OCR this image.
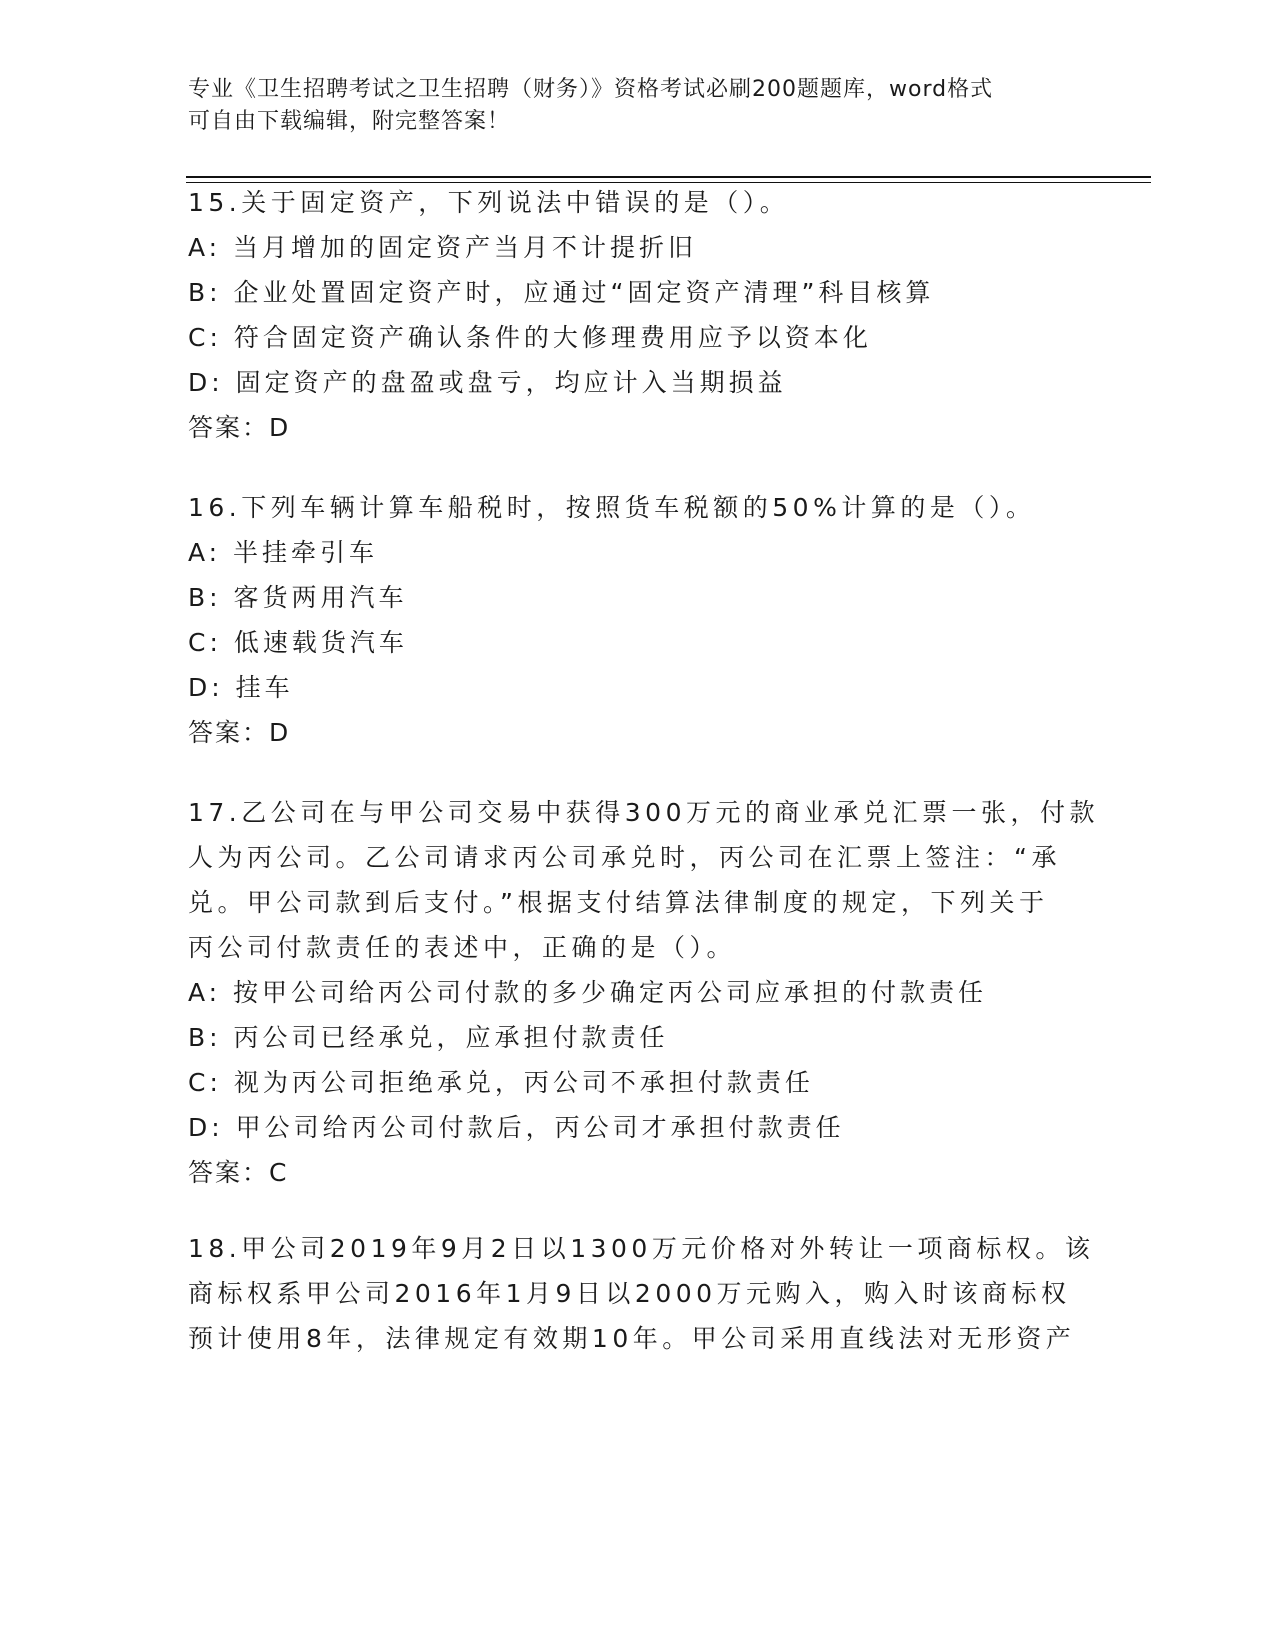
专业《卫生招聘考试之卫生招聘（财务）》资格考试必刷200题题库，word格式
可自由下载编辑，附完整答案！
15.关于固定资产，下列说法中错误的是（）。
A: 当月增加的固定资产当月不计提折旧
B: 企业处置固定资产时，应通过“固定资产清理”科目核算
C: 符合固定资产确认条件的大修理费用应予以资本化
D: 固定资产的盘盈或盘亏，均应计入当期损益
答案：D
16.下列车辆计算车船税时，按照货车税额的50%计算的是（）。
A: 半挂牵引车
B: 客货两用汽车
C: 低速载货汽车
D: 挂车
答案：D
17.乙公司在与甲公司交易中获得300万元的商业承兑汇票一张，付款
人为丙公司。乙公司请求丙公司承兑时，丙公司在汇票上签注：“承
兑。甲公司款到后支付。”根据支付结算法律制度的规定，下列关于
丙公司付款责任的表述中，正确的是（）。
A: 按甲公司给丙公司付款的多少确定丙公司应承担的付款责任
B: 丙公司已经承兑，应承担付款责任
C: 视为丙公司拒绝承兑，丙公司不承担付款责任
D: 甲公司给丙公司付款后，丙公司才承担付款责任
答案：C
18.甲公司2019年9月2日以1300万元价格对外转让一项商标权。该
商标权系甲公司2016年1月9日以2000万元购入，购入时该商标权
预计使用8年，法律规定有效期10年。甲公司采用直线法对无形资产
